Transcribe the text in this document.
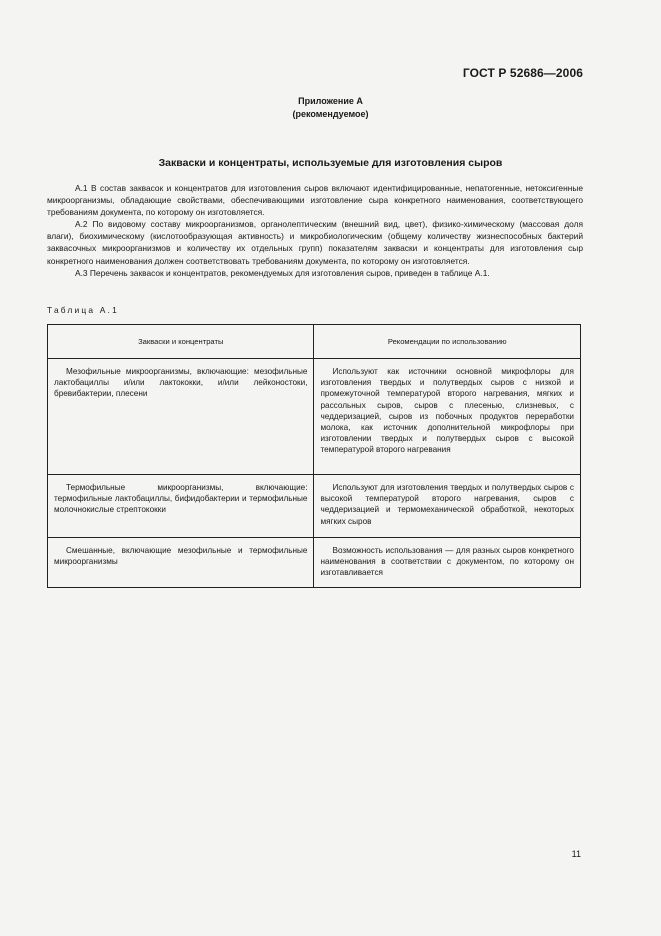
ГОСТ Р 52686—2006
Приложение А
(рекомендуемое)
Закваски и концентраты, используемые для изготовления сыров

А.1 В состав заквасок и концентратов для изготовления сыров включают идентифицированные, непатогенные, нетоксигенные микроорганизмы, обладающие свойствами, обеспечивающими изготовление сыра конкретного наименования, соответствующего требованиям документа, по которому он изготовляется.

А.2 По видовому составу микроорганизмов, органолептическим (внешний вид, цвет), физико-химическому (массовая доля влаги), биохимическому (кислотообразующая активность) и микробиологическим (общему количеству жизнеспособных бактерий заквасочных микроорганизмов и количеству их отдельных групп) показателям закваски и концентраты для изготовления сыр конкретного наименования должен соответствовать требованиям документа, по которому он изготовляется.

А.3 Перечень заквасок и концентратов, рекомендуемых для изготовления сыров, приведен в таблице А.1.

Таблица А.1
Закваски и концентраты	Рекомендации по использованию
Мезофильные микроорганизмы, включающие: мезофильные лактобациллы и/или лактококки, и/или лейконостоки, бревибактерии, плесени	Используют как источники основной микрофлоры для изготовления твердых и полутвердых сыров с низкой и промежуточной температурой второго нагревания, мягких и рассольных сыров, сыров с плесенью, слизневых, с чеддеризацией, сыров из побочных продуктов переработки молока, как источник дополнительной микрофлоры при изготовлении твердых и полутвердых сыров с высокой температурой второго нагревания
Термофильные микроорганизмы, включающие: термофильные лактобациллы, бифидобактерии и термофильные молочнокислые стрептококки	Используют для изготовления твердых и полутвердых сыров с высокой температурой второго нагревания, сыров с чеддеризацией и термомеханической обработкой, некоторых мягких сыров
Смешанные, включающие мезофильные и термофильные микроорганизмы	Возможность использования — для разных сыров конкретного наименования в соответствии с документом, по которому он изготавливается
11
